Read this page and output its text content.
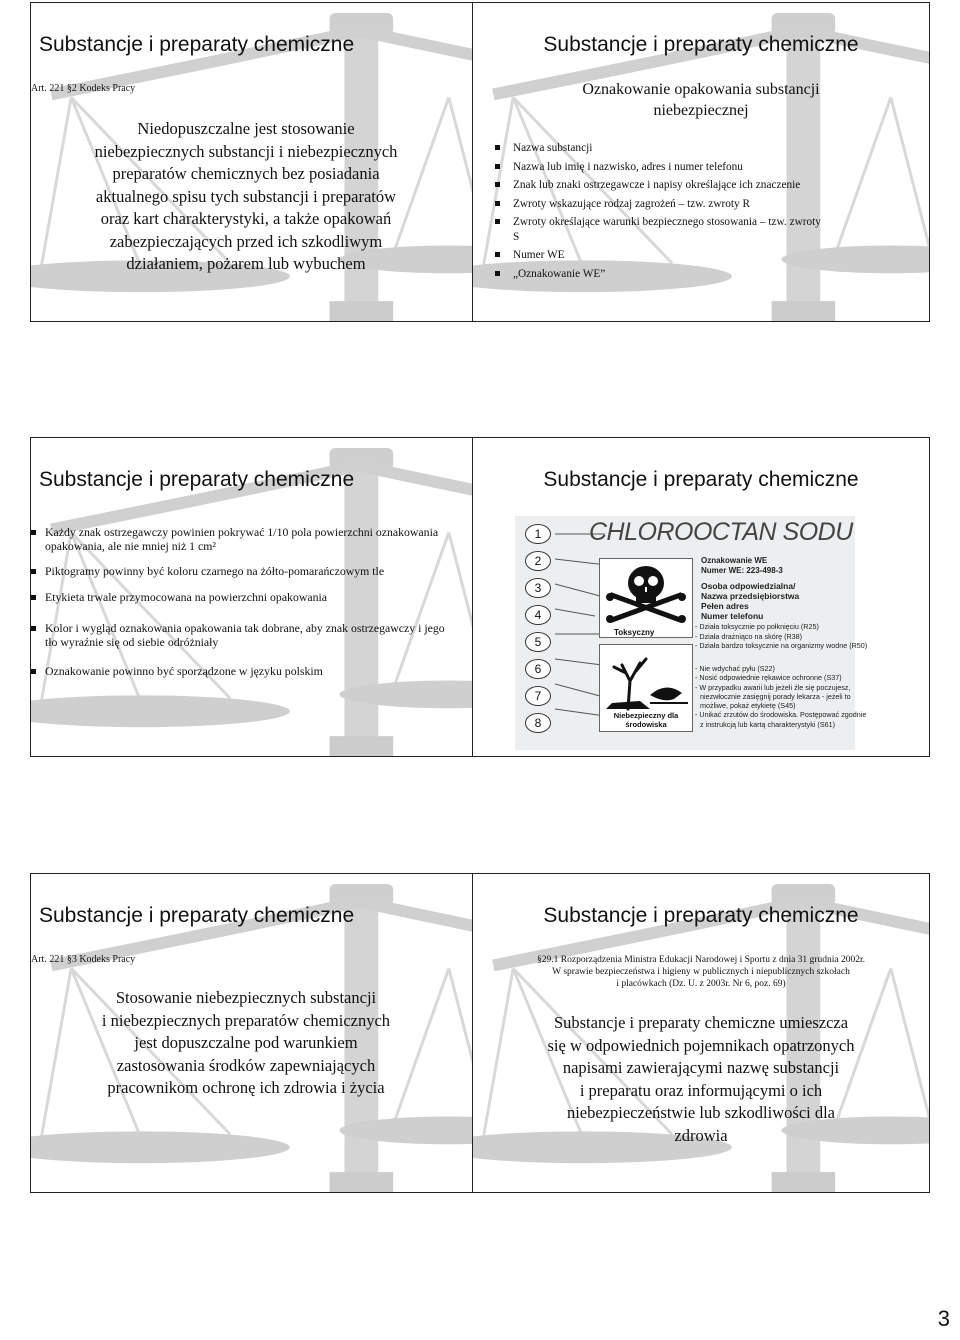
Substancje i preparaty chemiczne
Art. 221 §2 Kodeks Pracy
Niedopuszczalne jest stosowanie
niebezpiecznych substancji i niebezpiecznych
preparatów chemicznych bez posiadania
aktualnego spisu tych substancji i preparatów
oraz kart charakterystyki, a także opakowań
zabezpieczających przed ich szkodliwym
działaniem, pożarem lub wybuchem
Substancje i preparaty chemiczne
Oznakowanie opakowania substancji
niebezpiecznej
Nazwa substancji
Nazwa lub imię i nazwisko, adres i numer telefonu
Znak lub znaki ostrzegawcze i napisy określające ich znaczenie
Zwroty wskazujące rodzaj zagrożeń – tzw. zwroty R
Zwroty określające warunki bezpiecznego stosowania – tzw. zwroty S
Numer WE
„Oznakowanie WE”
Substancje i preparaty chemiczne
Każdy znak ostrzegawczy powinien pokrywać 1/10 pola powierzchni oznakowania opakowania, ale nie mniej niż 1 cm²
Piktogramy powinny być koloru czarnego na żółto-pomarańczowym tle
Etykieta trwale przymocowana na powierzchni opakowania
Kolor i wygląd oznakowania opakowania tak dobrane, aby znak ostrzegawczy i jego tło wyraźnie się od siebie odróżniały
Oznakowanie powinno być sporządzone w języku polskim
Substancje i preparaty chemiczne
1
2
3
4
5
6
7
8
CHLOROOCTAN SODU
Toksyczny
Niebezpieczny dla
środowiska
Oznakowanie WE
Numer WE: 223-498-3
Osoba odpowiedzialna/
Nazwa przedsiębiorstwa
Pełen adres
Numer telefonu
- Działa toksycznie po połknięciu (R25)
- Działa drażniąco na skórę (R38)
- Działa bardzo toksycznie na organizmy wodne (R50)
- Nie wdychać pyłu (S22)
- Nosić odpowiednie rękawice ochronne (S37)
- W przypadku awarii lub jeżeli źle się poczujesz,
niezwłocznie zasięgnij porady lekarza - jeżeli to
możliwe, pokaż etykietę (S45)
- Unikać zrzutów do środowiska. Postępować zgodnie
z instrukcją lub kartą charakterystyki (S61)
Substancje i preparaty chemiczne
Art. 221 §3 Kodeks Pracy
Stosowanie niebezpiecznych substancji
i niebezpiecznych preparatów chemicznych
jest dopuszczalne pod warunkiem
zastosowania środków zapewniających
pracownikom ochronę ich zdrowia i życia
Substancje i preparaty chemiczne
§29.1 Rozporządzenia Ministra Edukacji Narodowej i Sportu z dnia 31 grudnia 2002r.
W sprawie bezpieczeństwa i higieny w publicznych i niepublicznych szkołach
i placówkach (Dz. U. z 2003r. Nr 6, poz. 69)
Substancje i preparaty chemiczne umieszcza
się w odpowiednich pojemnikach opatrzonych
napisami zawierającymi nazwę substancji
i preparatu oraz informującymi o ich
niebezpieczeństwie lub szkodliwości dla
zdrowia
3
